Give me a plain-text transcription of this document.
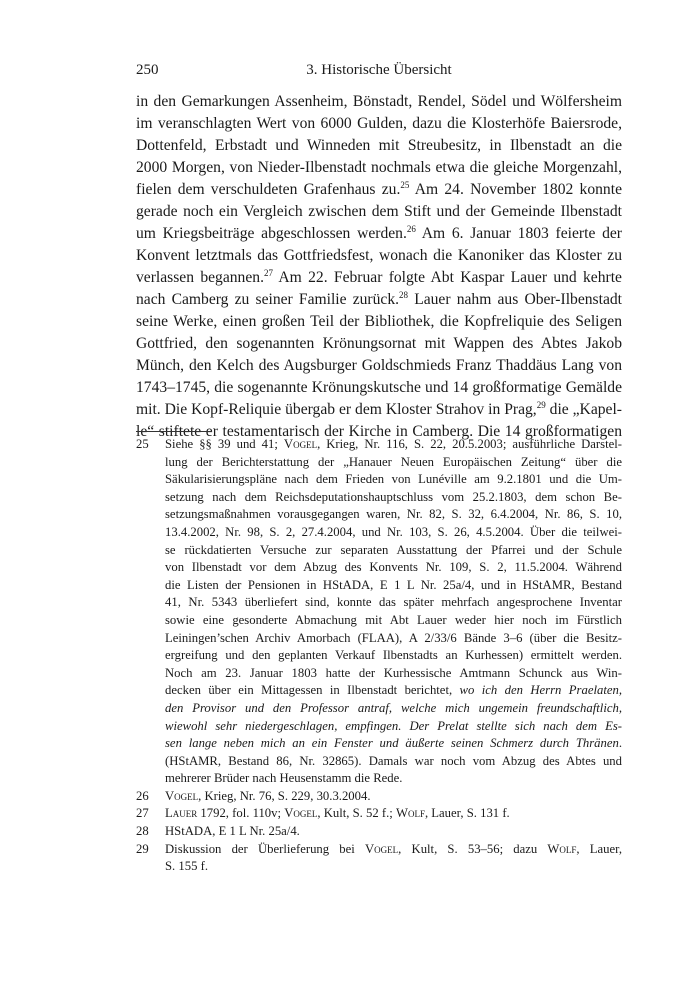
250	3. Historische Übersicht
in den Gemarkungen Assenheim, Bönstadt, Rendel, Södel und Wölfersheim
im veranschlagten Wert von 6000 Gulden, dazu die Klosterhöfe Baiersrode,
Dottenfeld, Erbstadt und Winneden mit Streubesitz, in Ilbenstadt an die
2000 Morgen, von Nieder-Ilbenstadt nochmals etwa die gleiche Morgenzahl,
fielen dem verschuldeten Grafenhaus zu.$^{25}$ Am 24. November 1802 konnte
gerade noch ein Vergleich zwischen dem Stift und der Gemeinde Ilbenstadt
um Kriegsbeiträge abgeschlossen werden.$^{26}$ Am 6. Januar 1803 feierte der
Konvent letztmals das Gottfriedsfest, wonach die Kanoniker das Kloster zu
verlassen begannen.$^{27}$ Am 22. Februar folgte Abt Kaspar Lauer und kehrte
nach Camberg zu seiner Familie zurück.$^{28}$ Lauer nahm aus Ober-Ilbenstadt
seine Werke, einen großen Teil der Bibliothek, die Kopfreliquie des Seligen
Gottfried, den sogenannten Krönungsornat mit Wappen des Abtes Jakob
Münch, den Kelch des Augsburger Goldschmieds Franz Thaddäus Lang von
1743–1745, die sogenannte Krönungskutsche und 14 großformatige Gemälde
mit. Die Kopf-Reliquie übergab er dem Kloster Strahov in Prag,$^{29}$ die „Kapel-
le“ stiftete er testamentarisch der Kirche in Camberg. Die 14 großformatigen
25 Siehe §§ 39 und 41; Vogel, Krieg, Nr. 116, S. 22, 20.5.2003; ausführliche Darstel-
lung der Berichterstattung der „Hanauer Neuen Europäischen Zeitung“ über die
Säkularisierungspläne nach dem Frieden von Lunéville am 9.2.1801 und die Um-
setzung nach dem Reichsdeputationshauptschluss vom 25.2.1803, dem schon Be-
setzungsmaßnahmen vorausgegangen waren, Nr. 82, S. 32, 6.4.2004, Nr. 86, S. 10,
13.4.2002, Nr. 98, S. 2, 27.4.2004, und Nr. 103, S. 26, 4.5.2004. Über die teilwei-
se rückdatierten Versuche zur separaten Ausstattung der Pfarrei und der Schule
von Ilbenstadt vor dem Abzug des Konvents Nr. 109, S. 2, 11.5.2004. Während
die Listen der Pensionen in HStADA, E 1 L Nr. 25a/4, und in HStAMR, Bestand
41, Nr. 5343 überliefert sind, konnte das später mehrfach angesprochene Inventar
sowie eine gesonderte Abmachung mit Abt Lauer weder hier noch im Fürstlich
Leiningen’schen Archiv Amorbach (FLAA), A 2/33/6 Bände 3–6 (über die Besitz-
ergreifung und den geplanten Verkauf Ilbenstadts an Kurhessen) ermittelt werden.
Noch am 23. Januar 1803 hatte der Kurhessische Amtmann Schunck aus Win-
decken über ein Mittagessen in Ilbenstadt berichtet, wo ich den Herrn Praelaten,
den Provisor und den Professor antraf, welche mich ungemein freundschaftlich,
wiewohl sehr niedergeschlagen, empfingen. Der Prelat stellte sich nach dem Es-
sen lange neben mich an ein Fenster und äußerte seinen Schmerz durch Thränen.
(HStAMR, Bestand 86, Nr. 32865). Damals war noch vom Abzug des Abtes und
mehrerer Brüder nach Heusenstamm die Rede.
26 Vogel, Krieg, Nr. 76, S. 229, 30.3.2004.
27 Lauer 1792, fol. 110v; Vogel, Kult, S. 52 f.; Wolf, Lauer, S. 131 f.
28 HStADA, E 1 L Nr. 25a/4.
29 Diskussion der Überlieferung bei Vogel, Kult, S. 53–56; dazu Wolf, Lauer,
S. 155 f.
